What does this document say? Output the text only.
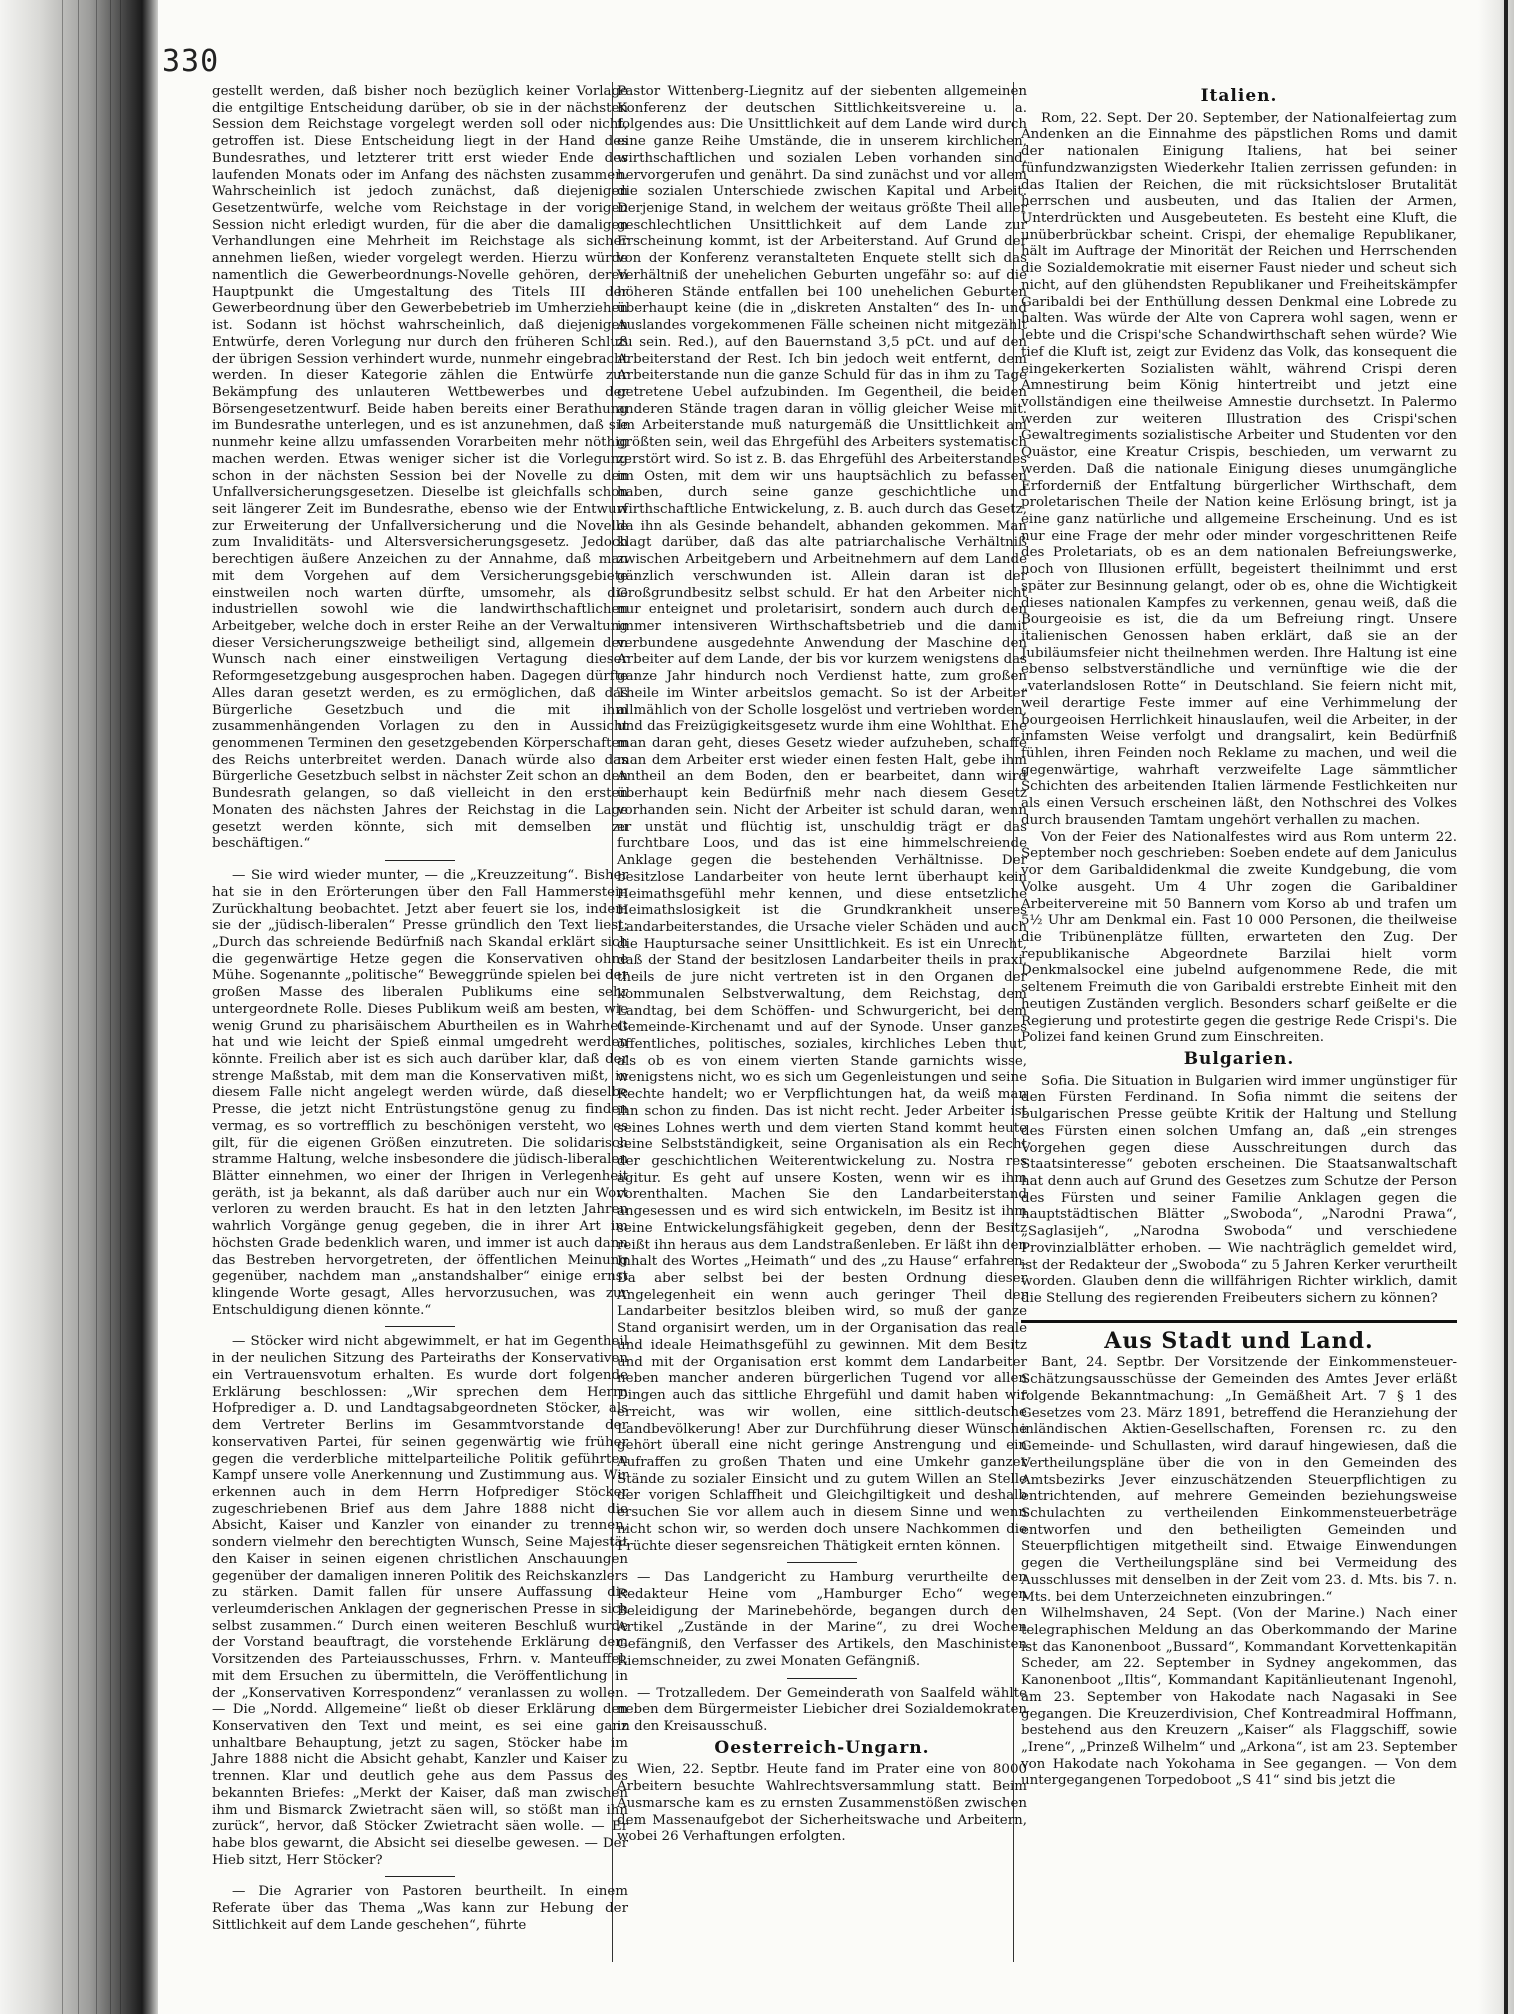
330

gestellt werden, daß bisher noch bezüglich keiner Vorlage die entgiltige Entscheidung darüber, ob sie in der nächsten Session dem Reichstage vorgelegt werden soll oder nicht, getroffen ist. Diese Entscheidung liegt in der Hand des Bundesrathes, und letzterer tritt erst wieder Ende des laufenden Monats oder im Anfang des nächsten zusammen. Wahrscheinlich ist jedoch zunächst, daß diejenigen Gesetzentwürfe, welche vom Reichstage in der vorigen Session nicht erledigt wurden, für die aber die damaligen Verhandlungen eine Mehrheit im Reichstage als sicher annehmen ließen, wieder vorgelegt werden. Hierzu würde namentlich die Gewerbeordnungs-Novelle gehören, deren Hauptpunkt die Umgestaltung des Titels III der Gewerbeordnung über den Gewerbebetrieb im Umherziehen ist. Sodann ist höchst wahrscheinlich, daß diejenigen Entwürfe, deren Vorlegung nur durch den früheren Schluß der übrigen Session verhindert wurde, nunmehr eingebracht werden. In dieser Kategorie zählen die Entwürfe zur Bekämpfung des unlauteren Wettbewerbes und der Börsengesetzentwurf. Beide haben bereits einer Berathung im Bundesrathe unterlegen, und es ist anzunehmen, daß sie nunmehr keine allzu umfassenden Vorarbeiten mehr nöthig machen werden. Etwas weniger sicher ist die Vorlegung schon in der nächsten Session bei der Novelle zu den Unfallversicherungsgesetzen. Dieselbe ist gleichfalls schon seit längerer Zeit im Bundesrathe, ebenso wie der Entwurf zur Erweiterung der Unfallversicherung und die Novelle zum Invaliditäts- und Altersversicherungsgesetz. Jedoch berechtigen äußere Anzeichen zu der Annahme, daß man mit dem Vorgehen auf dem Versicherungsgebiete einstweilen noch warten dürfte, umsomehr, als die industriellen sowohl wie die landwirthschaftlichen Arbeitgeber, welche doch in erster Reihe an der Verwaltung dieser Versicherungszweige betheiligt sind, allgemein den Wunsch nach einer einstweiligen Vertagung dieser Reformgesetzgebung ausgesprochen haben. Dagegen dürfte Alles daran gesetzt werden, es zu ermöglichen, daß das Bürgerliche Gesetzbuch und die mit ihm zusammenhängenden Vorlagen zu den in Aussicht genommenen Terminen den gesetzgebenden Körperschaften des Reichs unterbreitet werden. Danach würde also das Bürgerliche Gesetzbuch selbst in nächster Zeit schon an den Bundesrath gelangen, so daß vielleicht in den ersten Monaten des nächsten Jahres der Reichstag in die Lage gesetzt werden könnte, sich mit demselben zu beschäftigen.“

— Sie wird wieder munter, — die „Kreuzzeitung“. Bisher hat sie in den Erörterungen über den Fall Hammerstein Zurückhaltung beobachtet. Jetzt aber feuert sie los, indem sie der „jüdisch-liberalen“ Presse gründlich den Text liest: „Durch das schreiende Bedürfniß nach Skandal erklärt sich die gegenwärtige Hetze gegen die Konservativen ohne Mühe. Sogenannte „politische“ Beweggründe spielen bei der großen Masse des liberalen Publikums eine sehr untergeordnete Rolle. Dieses Publikum weiß am besten, wie wenig Grund zu pharisäischem Aburtheilen es in Wahrheit hat und wie leicht der Spieß einmal umgedreht werden könnte. Freilich aber ist es sich auch darüber klar, daß der strenge Maßstab, mit dem man die Konservativen mißt, in diesem Falle nicht angelegt werden würde, daß dieselbe Presse, die jetzt nicht Entrüstungstöne genug zu finden vermag, es so vortrefflich zu beschönigen versteht, wo es gilt, für die eigenen Größen einzutreten. Die solidarisch stramme Haltung, welche insbesondere die jüdisch-liberalen Blätter einnehmen, wo einer der Ihrigen in Verlegenheit geräth, ist ja bekannt, als daß darüber auch nur ein Wort verloren zu werden braucht. Es hat in den letzten Jahren wahrlich Vorgänge genug gegeben, die in ihrer Art im höchsten Grade bedenklich waren, und immer ist auch dann das Bestreben hervorgetreten, der öffentlichen Meinung gegenüber, nachdem man „anstandshalber“ einige ernst klingende Worte gesagt, Alles hervorzusuchen, was zur Entschuldigung dienen könnte.“

— Stöcker wird nicht abgewimmelt, er hat im Gegentheil in der neulichen Sitzung des Parteiraths der Konservativen ein Vertrauensvotum erhalten. Es wurde dort folgende Erklärung beschlossen: „Wir sprechen dem Herrn Hofprediger a. D. und Landtagsabgeordneten Stöcker, als dem Vertreter Berlins im Gesammtvorstande der konservativen Partei, für seinen gegenwärtig wie früher gegen die verderbliche mittelparteiliche Politik geführten Kampf unsere volle Anerkennung und Zustimmung aus. Wir erkennen auch in dem Herrn Hofprediger Stöcker zugeschriebenen Brief aus dem Jahre 1888 nicht die Absicht, Kaiser und Kanzler von einander zu trennen, sondern vielmehr den berechtigten Wunsch, Seine Majestät den Kaiser in seinen eigenen christlichen Anschauungen gegenüber der damaligen inneren Politik des Reichskanzlers zu stärken. Damit fallen für unsere Auffassung die verleumderischen Anklagen der gegnerischen Presse in sich selbst zusammen.“ Durch einen weiteren Beschluß wurde der Vorstand beauftragt, die vorstehende Erklärung dem Vorsitzenden des Parteiausschusses, Frhrn. v. Manteuffel, mit dem Ersuchen zu übermitteln, die Veröffentlichung in der „Konservativen Korrespondenz“ veranlassen zu wollen. — Die „Nordd. Allgemeine“ ließt ob dieser Erklärung den Konservativen den Text und meint, es sei eine ganz unhaltbare Behauptung, jetzt zu sagen, Stöcker habe im Jahre 1888 nicht die Absicht gehabt, Kanzler und Kaiser zu trennen. Klar und deutlich gehe aus dem Passus des bekannten Briefes: „Merkt der Kaiser, daß man zwischen ihm und Bismarck Zwietracht säen will, so stößt man ihn zurück“, hervor, daß Stöcker Zwietracht säen wolle. — Er habe blos gewarnt, die Absicht sei dieselbe gewesen. — Der Hieb sitzt, Herr Stöcker?

— Die Agrarier von Pastoren beurtheilt. In einem Referate über das Thema „Was kann zur Hebung der Sittlichkeit auf dem Lande geschehen“, führte

Pastor Wittenberg-Liegnitz auf der siebenten allgemeinen Konferenz der deutschen Sittlichkeitsvereine u. a. folgendes aus: Die Unsittlichkeit auf dem Lande wird durch eine ganze Reihe Umstände, die in unserem kirchlichen, wirthschaftlichen und sozialen Leben vorhanden sind, hervorgerufen und genährt. Da sind zunächst und vor allem die sozialen Unterschiede zwischen Kapital und Arbeit. Derjenige Stand, in welchem der weitaus größte Theil aller geschlechtlichen Unsittlichkeit auf dem Lande zur Erscheinung kommt, ist der Arbeiterstand. Auf Grund der von der Konferenz veranstalteten Enquete stellt sich das Verhältniß der unehelichen Geburten ungefähr so: auf die höheren Stände entfallen bei 100 unehelichen Geburten überhaupt keine (die in „diskreten Anstalten“ des In- und Auslandes vorgekommenen Fälle scheinen nicht mitgezählt zu sein. Red.), auf den Bauernstand 3,5 pCt. und auf den Arbeiterstand der Rest. Ich bin jedoch weit entfernt, dem Arbeiterstande nun die ganze Schuld für das in ihm zu Tage getretene Uebel aufzubinden. Im Gegentheil, die beiden anderen Stände tragen daran in völlig gleicher Weise mit. Im Arbeiterstande muß naturgemäß die Unsittlichkeit am größten sein, weil das Ehrgefühl des Arbeiters systematisch zerstört wird. So ist z. B. das Ehrgefühl des Arbeiterstandes im Osten, mit dem wir uns hauptsächlich zu befassen haben, durch seine ganze geschichtliche und wirthschaftliche Entwickelung, z. B. auch durch das Gesetz, da ihn als Gesinde behandelt, abhanden gekommen. Man klagt darüber, daß das alte patriarchalische Verhältniß zwischen Arbeitgebern und Arbeitnehmern auf dem Lande gänzlich verschwunden ist. Allein daran ist der Großgrundbesitz selbst schuld. Er hat den Arbeiter nicht nur enteignet und proletarisirt, sondern auch durch den immer intensiveren Wirthschaftsbetrieb und die damit verbundene ausgedehnte Anwendung der Maschine den Arbeiter auf dem Lande, der bis vor kurzem wenigstens das ganze Jahr hindurch noch Verdienst hatte, zum großen Theile im Winter arbeitslos gemacht. So ist der Arbeiter allmählich von der Scholle losgelöst und vertrieben worden, und das Freizügigkeitsgesetz wurde ihm eine Wohlthat. Ehe man daran geht, dieses Gesetz wieder aufzuheben, schaffe man dem Arbeiter erst wieder einen festen Halt, gebe ihm Antheil an dem Boden, den er bearbeitet, dann wird überhaupt kein Bedürfniß mehr nach diesem Gesetz vorhanden sein. Nicht der Arbeiter ist schuld daran, wenn er unstät und flüchtig ist, unschuldig trägt er das furchtbare Loos, und das ist eine himmelschreiende Anklage gegen die bestehenden Verhältnisse. Der besitzlose Landarbeiter von heute lernt überhaupt kein Heimathsgefühl mehr kennen, und diese entsetzliche Heimathslosigkeit ist die Grundkrankheit unseres Landarbeiterstandes, die Ursache vieler Schäden und auch die Hauptursache seiner Unsittlichkeit. Es ist ein Unrecht, daß der Stand der besitzlosen Landarbeiter theils in praxi, theils de jure nicht vertreten ist in den Organen der kommunalen Selbstverwaltung, dem Reichstag, dem Landtag, bei dem Schöffen- und Schwurgericht, bei dem Gemeinde-Kirchenamt und auf der Synode. Unser ganzes öffentliches, politisches, soziales, kirchliches Leben thut, als ob es von einem vierten Stande garnichts wisse, wenigstens nicht, wo es sich um Gegenleistungen und seine Rechte handelt; wo er Verpflichtungen hat, da weiß man ihn schon zu finden. Das ist nicht recht. Jeder Arbeiter ist seines Lohnes werth und dem vierten Stand kommt heute seine Selbstständigkeit, seine Organisation als ein Recht der geschichtlichen Weiterentwickelung zu. Nostra res agitur. Es geht auf unsere Kosten, wenn wir es ihm vorenthalten. Machen Sie den Landarbeiterstand angesessen und es wird sich entwickeln, im Besitz ist ihm seine Entwickelungsfähigkeit gegeben, denn der Besitz reißt ihn heraus aus dem Landstraßenleben. Er läßt ihn den Inhalt des Wortes „Heimath“ und des „zu Hause“ erfahren. Da aber selbst bei der besten Ordnung dieser Angelegenheit ein wenn auch geringer Theil der Landarbeiter besitzlos bleiben wird, so muß der ganze Stand organisirt werden, um in der Organisation das reale und ideale Heimathsgefühl zu gewinnen. Mit dem Besitz und mit der Organisation erst kommt dem Landarbeiter neben mancher anderen bürgerlichen Tugend vor allen Dingen auch das sittliche Ehrgefühl und damit haben wir erreicht, was wir wollen, eine sittlich-deutsche Landbevölkerung! Aber zur Durchführung dieser Wünsche gehört überall eine nicht geringe Anstrengung und ein Aufraffen zu großen Thaten und eine Umkehr ganzer Stände zu sozialer Einsicht und zu gutem Willen an Stelle der vorigen Schlaffheit und Gleichgiltigkeit und deshalb ersuchen Sie vor allem auch in diesem Sinne und wenn nicht schon wir, so werden doch unsere Nachkommen die Früchte dieser segensreichen Thätigkeit ernten können.

— Das Landgericht zu Hamburg verurtheilte den Redakteur Heine vom „Hamburger Echo“ wegen Beleidigung der Marinebehörde, begangen durch den Artikel „Zustände in der Marine“, zu drei Wochen Gefängniß, den Verfasser des Artikels, den Maschinisten Riemschneider, zu zwei Monaten Gefängniß.

— Trotzalledem. Der Gemeinderath von Saalfeld wählte neben dem Bürgermeister Liebicher drei Sozialdemokraten in den Kreisausschuß.

Oesterreich-Ungarn.

Wien, 22. Septbr. Heute fand im Prater eine von 8000 Arbeitern besuchte Wahlrechtsversammlung statt. Beim Ausmarsche kam es zu ernsten Zusammenstößen zwischen dem Massenaufgebot der Sicherheitswache und Arbeitern, wobei 26 Verhaftungen erfolgten.

Italien.

Rom, 22. Sept. Der 20. September, der Nationalfeiertag zum Andenken an die Einnahme des päpstlichen Roms und damit der nationalen Einigung Italiens, hat bei seiner fünfundzwanzigsten Wiederkehr Italien zerrissen gefunden: in das Italien der Reichen, die mit rücksichtsloser Brutalität herrschen und ausbeuten, und das Italien der Armen, Unterdrückten und Ausgebeuteten. Es besteht eine Kluft, die unüberbrückbar scheint. Crispi, der ehemalige Republikaner, hält im Auftrage der Minorität der Reichen und Herrschenden die Sozialdemokratie mit eiserner Faust nieder und scheut sich nicht, auf den glühendsten Republikaner und Freiheitskämpfer Garibaldi bei der Enthüllung dessen Denkmal eine Lobrede zu halten. Was würde der Alte von Caprera wohl sagen, wenn er lebte und die Crispi'sche Schandwirthschaft sehen würde? Wie tief die Kluft ist, zeigt zur Evidenz das Volk, das konsequent die eingekerkerten Sozialisten wählt, während Crispi deren Amnestirung beim König hintertreibt und jetzt eine vollständigen eine theilweise Amnestie durchsetzt. In Palermo werden zur weiteren Illustration des Crispi'schen Gewaltregiments sozialistische Arbeiter und Studenten vor den Quästor, eine Kreatur Crispis, beschieden, um verwarnt zu werden. Daß die nationale Einigung dieses unumgängliche Erforderniß der Entfaltung bürgerlicher Wirthschaft, dem proletarischen Theile der Nation keine Erlösung bringt, ist ja eine ganz natürliche und allgemeine Erscheinung. Und es ist nur eine Frage der mehr oder minder vorgeschrittenen Reife des Proletariats, ob es an dem nationalen Befreiungswerke, noch von Illusionen erfüllt, begeistert theilnimmt und erst später zur Besinnung gelangt, oder ob es, ohne die Wichtigkeit dieses nationalen Kampfes zu verkennen, genau weiß, daß die Bourgeoisie es ist, die da um Befreiung ringt. Unsere italienischen Genossen haben erklärt, daß sie an der Jubiläumsfeier nicht theilnehmen werden. Ihre Haltung ist eine ebenso selbstverständliche und vernünftige wie die der „vaterlandslosen Rotte“ in Deutschland. Sie feiern nicht mit, weil derartige Feste immer auf eine Verhimmelung der bourgeoisen Herrlichkeit hinauslaufen, weil die Arbeiter, in der infamsten Weise verfolgt und drangsalirt, kein Bedürfniß fühlen, ihren Feinden noch Reklame zu machen, und weil die gegenwärtige, wahrhaft verzweifelte Lage sämmtlicher Schichten des arbeitenden Italien lärmende Festlichkeiten nur als einen Versuch erscheinen läßt, den Nothschrei des Volkes durch brausenden Tamtam ungehört verhallen zu machen.

Von der Feier des Nationalfestes wird aus Rom unterm 22. September noch geschrieben: Soeben endete auf dem Janiculus vor dem Garibaldidenkmal die zweite Kundgebung, die vom Volke ausgeht. Um 4 Uhr zogen die Garibaldiner Arbeitervereine mit 50 Bannern vom Korso ab und trafen um 5½ Uhr am Denkmal ein. Fast 10 000 Personen, die theilweise die Tribünenplätze füllten, erwarteten den Zug. Der republikanische Abgeordnete Barzilai hielt vorm Denkmalsockel eine jubelnd aufgenommene Rede, die mit seltenem Freimuth die von Garibaldi erstrebte Einheit mit den heutigen Zuständen verglich. Besonders scharf geißelte er die Regierung und protestirte gegen die gestrige Rede Crispi's. Die Polizei fand keinen Grund zum Einschreiten.

Bulgarien.

Sofia. Die Situation in Bulgarien wird immer ungünstiger für den Fürsten Ferdinand. In Sofia nimmt die seitens der bulgarischen Presse geübte Kritik der Haltung und Stellung des Fürsten einen solchen Umfang an, daß „ein strenges Vorgehen gegen diese Ausschreitungen durch das Staatsinteresse“ geboten erscheinen. Die Staatsanwaltschaft hat denn auch auf Grund des Gesetzes zum Schutze der Person des Fürsten und seiner Familie Anklagen gegen die hauptstädtischen Blätter „Swoboda“, „Narodni Prawa“, „Saglasijeh“, „Narodna Swoboda“ und verschiedene Provinzialblätter erhoben. — Wie nachträglich gemeldet wird, ist der Redakteur der „Swoboda“ zu 5 Jahren Kerker verurtheilt worden. Glauben denn die willfährigen Richter wirklich, damit die Stellung des regierenden Freibeuters sichern zu können?

Aus Stadt und Land.

Bant, 24. Septbr. Der Vorsitzende der Einkommensteuer-Schätzungsausschüsse der Gemeinden des Amtes Jever erläßt folgende Bekanntmachung: „In Gemäßheit Art. 7 § 1 des Gesetzes vom 23. März 1891, betreffend die Heranziehung der inländischen Aktien-Gesellschaften, Forensen rc. zu den Gemeinde- und Schullasten, wird darauf hingewiesen, daß die Vertheilungspläne über die von in den Gemeinden des Amtsbezirks Jever einzuschätzenden Steuerpflichtigen zu entrichtenden, auf mehrere Gemeinden beziehungsweise Schulachten zu vertheilenden Einkommensteuerbeträge entworfen und den betheiligten Gemeinden und Steuerpflichtigen mitgetheilt sind. Etwaige Einwendungen gegen die Vertheilungspläne sind bei Vermeidung des Ausschlusses mit denselben in der Zeit vom 23. d. Mts. bis 7. n. Mts. bei dem Unterzeichneten einzubringen.“

Wilhelmshaven, 24 Sept. (Von der Marine.) Nach einer telegraphischen Meldung an das Oberkommando der Marine ist das Kanonenboot „Bussard“, Kommandant Korvettenkapitän Scheder, am 22. September in Sydney angekommen, das Kanonenboot „Iltis“, Kommandant Kapitänlieutenant Ingenohl, am 23. September von Hakodate nach Nagasaki in See gegangen. Die Kreuzerdivision, Chef Kontreadmiral Hoffmann, bestehend aus den Kreuzern „Kaiser“ als Flaggschiff, sowie „Irene“, „Prinzeß Wilhelm“ und „Arkona“, ist am 23. September von Hakodate nach Yokohama in See gegangen. — Von dem untergegangenen Torpedoboot „S 41“ sind bis jetzt die
